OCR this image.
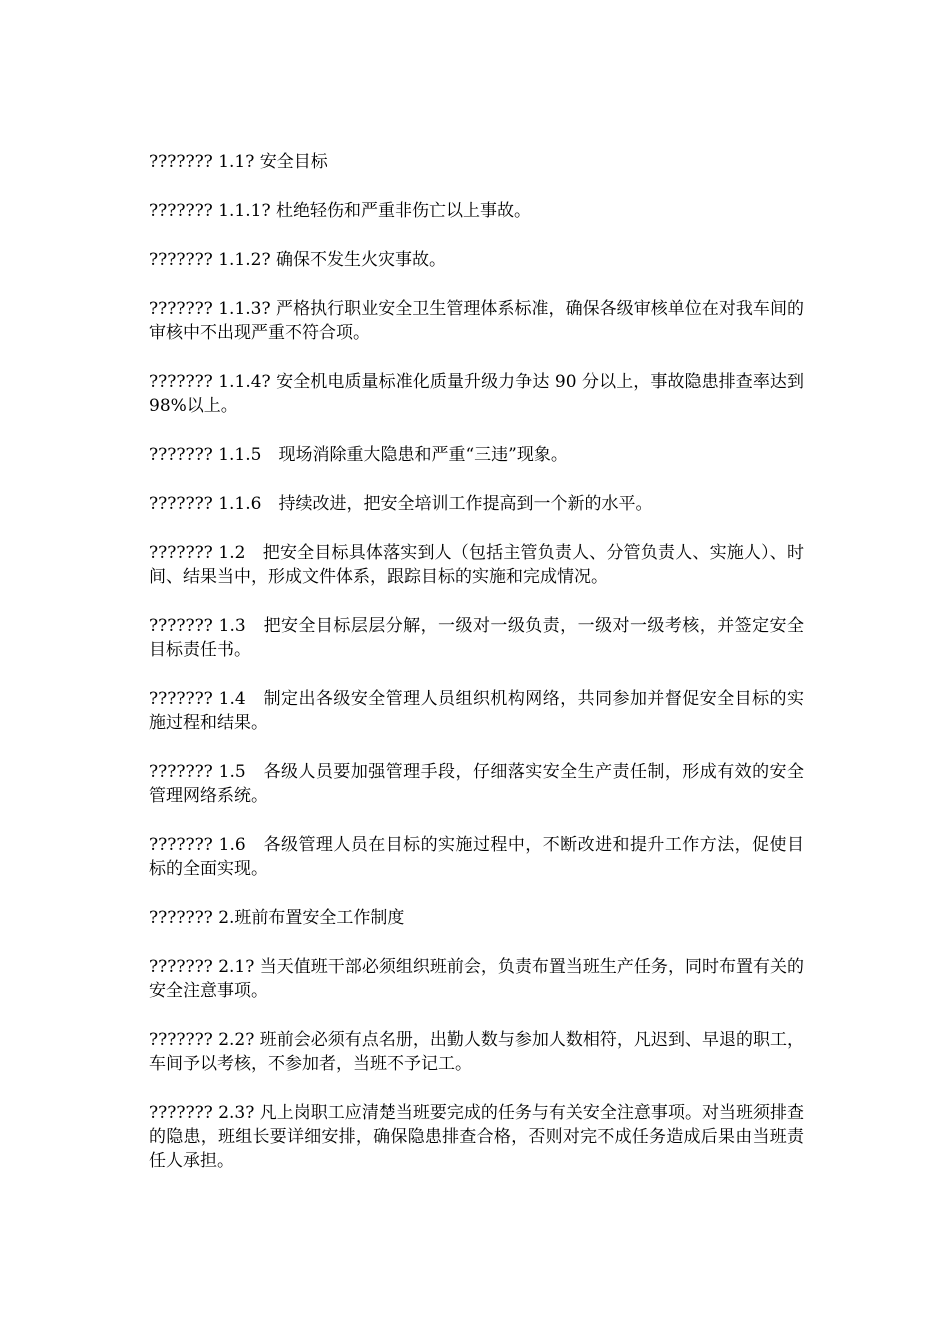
??????? 1.1? 安全目标

??????? 1.1.1? 杜绝轻伤和严重非伤亡以上事故。

??????? 1.1.2? 确保不发生火灾事故。

??????? 1.1.3? 严格执行职业安全卫生管理体系标准，确保各级审核单位在对我车间的审核中不出现严重不符合项。

??????? 1.1.4? 安全机电质量标准化质量升级力争达 90 分以上，事故隐患排查率达到 98%以上。

??????? 1.1.5　现场消除重大隐患和严重“三违”现象。

??????? 1.1.6　持续改进，把安全培训工作提高到一个新的水平。

??????? 1.2　把安全目标具体落实到人（包括主管负责人、分管负责人、实施人）、时间、结果当中，形成文件体系，跟踪目标的实施和完成情况。

??????? 1.3　把安全目标层层分解，一级对一级负责，一级对一级考核，并签定安全目标责任书。

??????? 1.4　制定出各级安全管理人员组织机构网络，共同参加并督促安全目标的实施过程和结果。

??????? 1.5　各级人员要加强管理手段，仔细落实安全生产责任制，形成有效的安全管理网络系统。

??????? 1.6　各级管理人员在目标的实施过程中，不断改进和提升工作方法，促使目标的全面实现。

??????? 2.班前布置安全工作制度

??????? 2.1? 当天值班干部必须组织班前会，负责布置当班生产任务，同时布置有关的安全注意事项。

??????? 2.2? 班前会必须有点名册，出勤人数与参加人数相符，凡迟到、早退的职工，车间予以考核，不参加者，当班不予记工。

??????? 2.3? 凡上岗职工应清楚当班要完成的任务与有关安全注意事项。对当班须排查的隐患，班组长要详细安排，确保隐患排查合格，否则对完不成任务造成后果由当班责任人承担。
